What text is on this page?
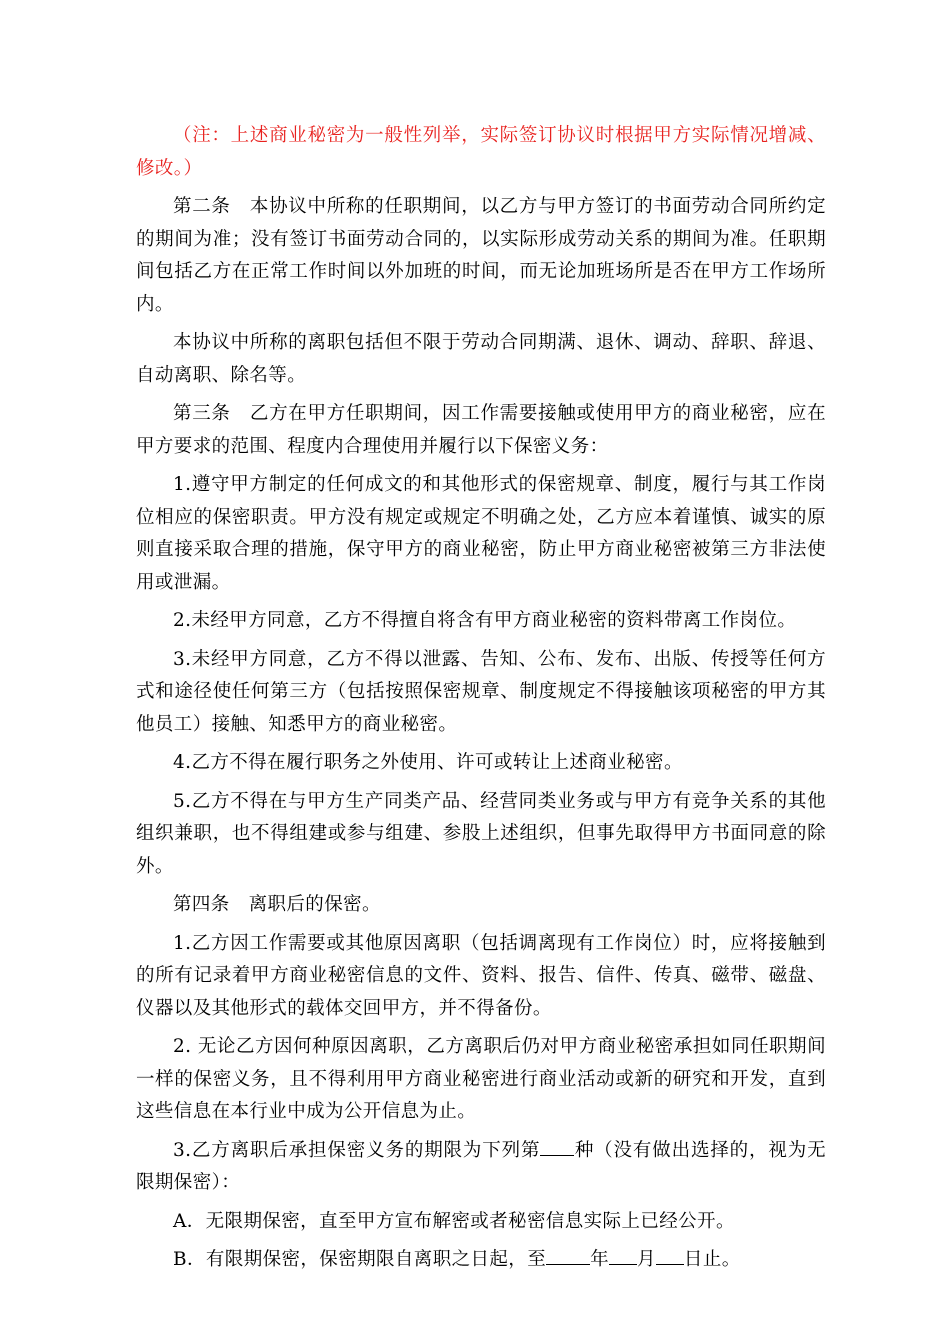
（注：上述商业秘密为一般性列举，实际签订协议时根据甲方实际情况增减、修改。）

第二条　本协议中所称的任职期间，以乙方与甲方签订的书面劳动合同所约定的期间为准；没有签订书面劳动合同的，以实际形成劳动关系的期间为准。任职期间包括乙方在正常工作时间以外加班的时间，而无论加班场所是否在甲方工作场所内。

本协议中所称的离职包括但不限于劳动合同期满、退休、调动、辞职、辞退、自动离职、除名等。

第三条　乙方在甲方任职期间，因工作需要接触或使用甲方的商业秘密，应在甲方要求的范围、程度内合理使用并履行以下保密义务：

1.遵守甲方制定的任何成文的和其他形式的保密规章、制度，履行与其工作岗位相应的保密职责。甲方没有规定或规定不明确之处，乙方应本着谨慎、诚实的原则直接采取合理的措施，保守甲方的商业秘密，防止甲方商业秘密被第三方非法使用或泄漏。

2.未经甲方同意，乙方不得擅自将含有甲方商业秘密的资料带离工作岗位。

3.未经甲方同意，乙方不得以泄露、告知、公布、发布、出版、传授等任何方式和途径使任何第三方（包括按照保密规章、制度规定不得接触该项秘密的甲方其他员工）接触、知悉甲方的商业秘密。

4.乙方不得在履行职务之外使用、许可或转让上述商业秘密。

5.乙方不得在与甲方生产同类产品、经营同类业务或与甲方有竞争关系的其他组织兼职，也不得组建或参与组建、参股上述组织，但事先取得甲方书面同意的除外。

第四条　离职后的保密。

1.乙方因工作需要或其他原因离职（包括调离现有工作岗位）时，应将接触到的所有记录着甲方商业秘密信息的文件、资料、报告、信件、传真、磁带、磁盘、仪器以及其他形式的载体交回甲方，并不得备份。

2. 无论乙方因何种原因离职，乙方离职后仍对甲方商业秘密承担如同任职期间一样的保密义务，且不得利用甲方商业秘密进行商业活动或新的研究和开发，直到这些信息在本行业中成为公开信息为止。

3.乙方离职后承担保密义务的期限为下列第 种（没有做出选择的，视为无限期保密）：

A．无限期保密，直至甲方宣布解密或者秘密信息实际上已经公开。

B．有限期保密，保密期限自离职之日起，至 年 月 日止。
